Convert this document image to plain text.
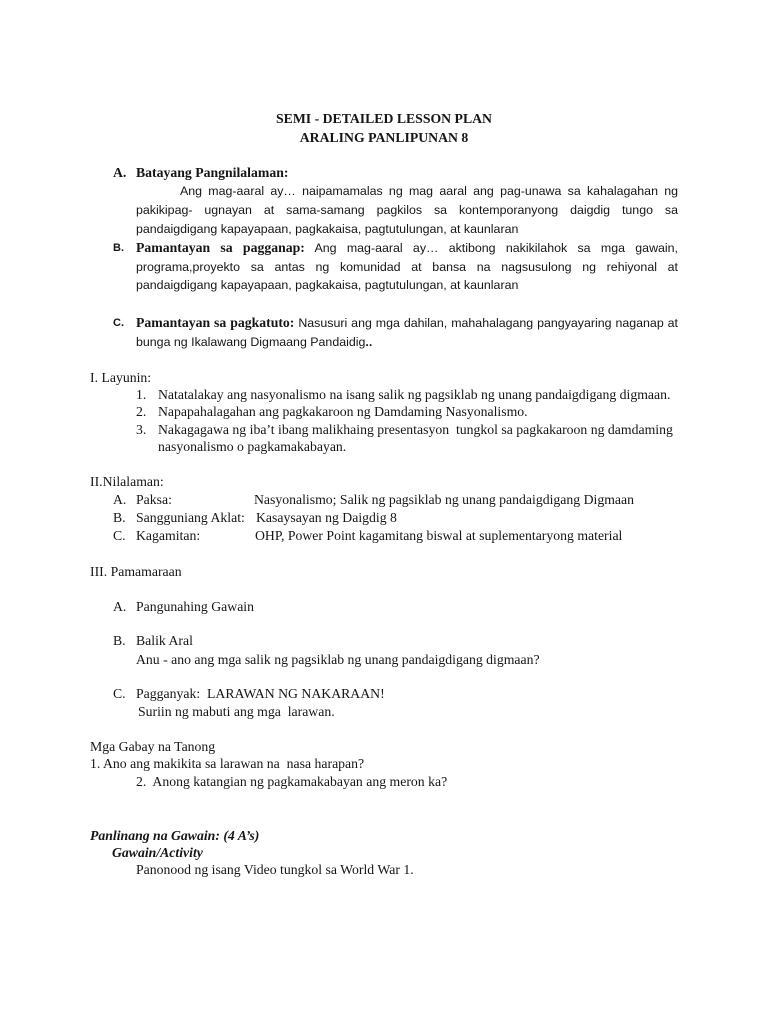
SEMI - DETAILED LESSON PLAN
ARALING PANLIPUNAN 8
A. Batayang Pangnilalaman:
Ang mag-aaral ay… naipamamalas ng mag aaral ang pag-unawa sa kahalagahan ng
pakikipag- ugnayan at sama-samang pagkilos sa kontemporanyong daigdig tungo sa
pandaigdigang kapayapaan, pagkakaisa, pagtutulungan, at kaunlaran
B. Pamantayan sa pagganap: Ang mag-aaral ay… aktibong nakikilahok sa mga gawain,
programa,proyekto sa antas ng komunidad at bansa na nagsusulong ng rehiyonal at
pandaigdigang kapayapaan, pagkakaisa, pagtutulungan, at kaunlaran
C. Pamantayan sa pagkatuto: Nasusuri ang mga dahilan, mahahalagang pangyayaring naganap at
bunga ng Ikalawang Digmaang Pandaidig..
I. Layunin:
1. Natatalakay ang nasyonalismo na isang salik ng pagsiklab ng unang pandaigdigang digmaan.
2. Napapahalagahan ang pagkakaroon ng Damdaming Nasyonalismo.
3. Nakagagawa ng iba’t ibang malikhaing presentasyon  tungkol sa pagkakaroon ng damdaming
nasyonalismo o pagkamakabayan.
II.Nilalaman:
A. Paksa:	Nasyonalismo; Salik ng pagsiklab ng unang pandaigdigang Digmaan
B. Sangguniang Aklat: Kasaysayan ng Daigdig 8
C. Kagamitan:	OHP, Power Point kagamitang biswal at suplementaryong material
III. Pamamaraan
A. Pangunahing Gawain
B. Balik Aral
Anu - ano ang mga salik ng pagsiklab ng unang pandaigdigang digmaan?
C. Pagganyak:  LARAWAN NG NAKARAAN!
Suriin ng mabuti ang mga  larawan.
Mga Gabay na Tanong
1. Ano ang makikita sa larawan na  nasa harapan?
2.  Anong katangian ng pagkamakabayan ang meron ka?
Panlinang na Gawain: (4 A’s)
Gawain/Activity
Panonood ng isang Video tungkol sa World War 1.
